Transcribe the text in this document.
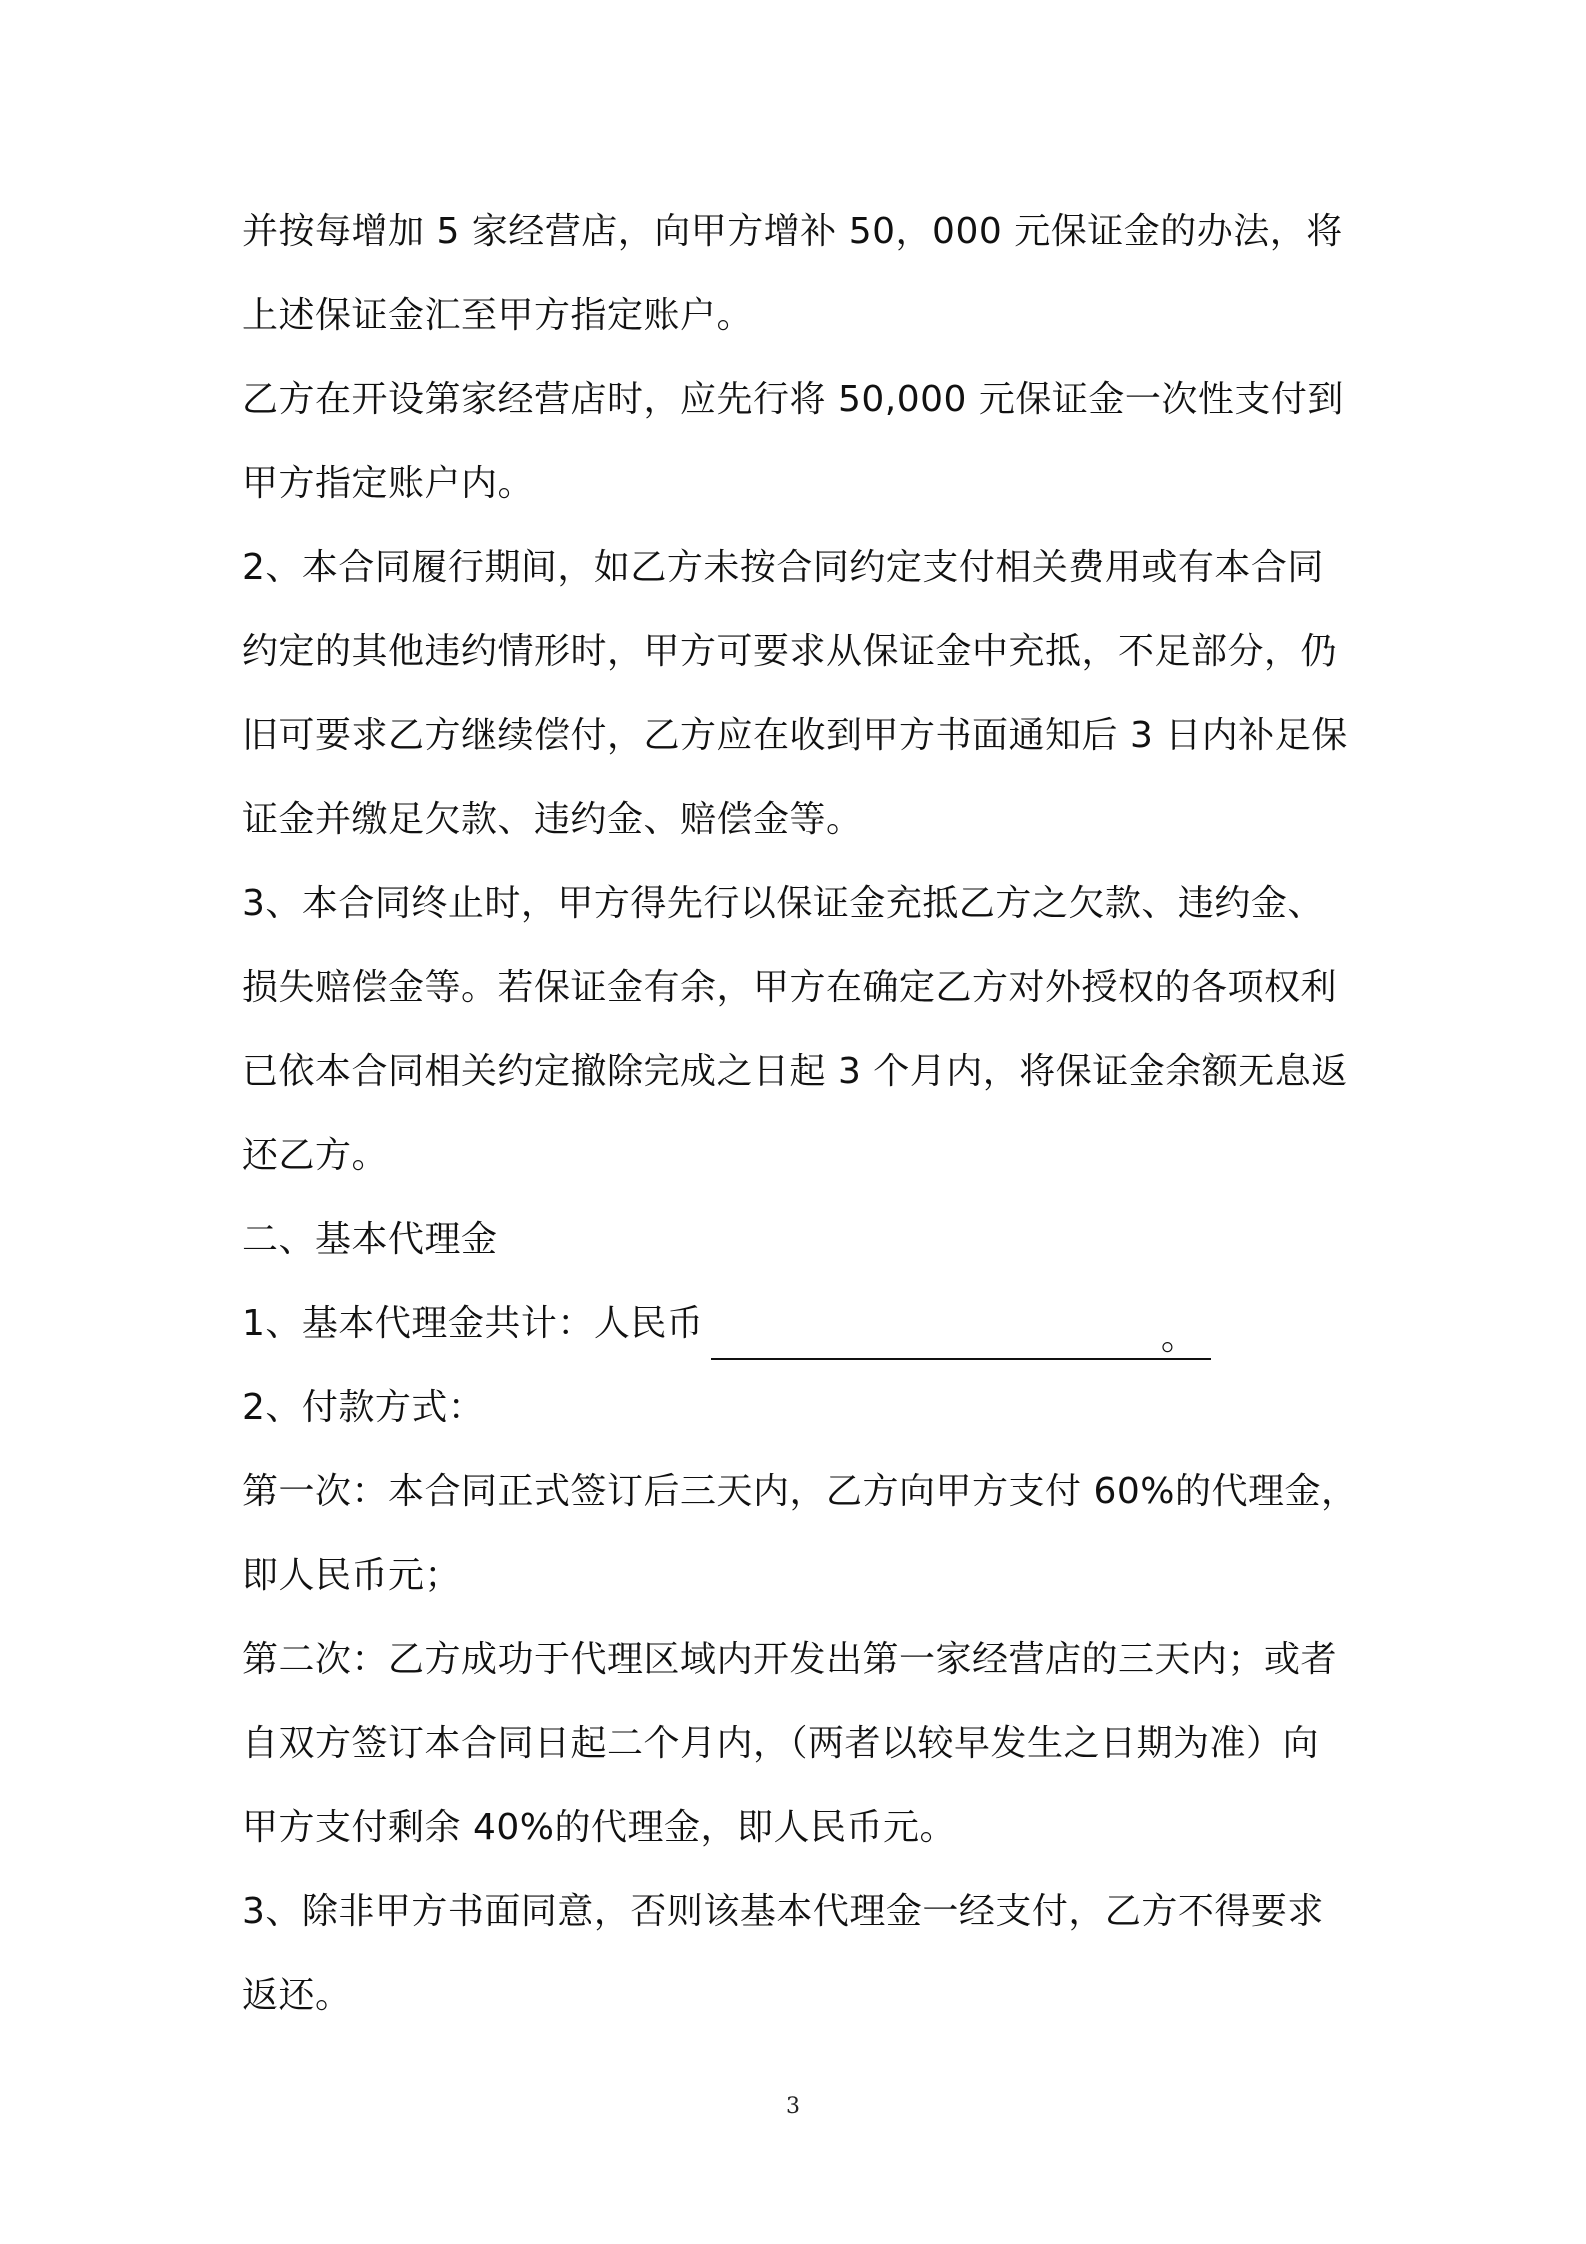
并按每增加 5 家经营店，向甲方增补 50，000 元保证金的办法，将
上述保证金汇至甲方指定账户。
乙方在开设第家经营店时，应先行将 50,000 元保证金一次性支付到
甲方指定账户内。
2、本合同履行期间，如乙方未按合同约定支付相关费用或有本合同
约定的其他违约情形时，甲方可要求从保证金中充抵，不足部分，仍
旧可要求乙方继续偿付，乙方应在收到甲方书面通知后 3 日内补足保
证金并缴足欠款、违约金、赔偿金等。
3、本合同终止时，甲方得先行以保证金充抵乙方之欠款、违约金、
损失赔偿金等。若保证金有余，甲方在确定乙方对外授权的各项权利
已依本合同相关约定撤除完成之日起 3 个月内，将保证金余额无息返
还乙方。
二、基本代理金
1、基本代理金共计：人民币	。
2、付款方式：
第一次：本合同正式签订后三天内，乙方向甲方支付 60%的代理金，
即人民币元；
第二次：乙方成功于代理区域内开发出第一家经营店的三天内；或者
自双方签订本合同日起二个月内，（两者以较早发生之日期为准）向
甲方支付剩余 40%的代理金，即人民币元。
3、除非甲方书面同意，否则该基本代理金一经支付，乙方不得要求
返还。
3
